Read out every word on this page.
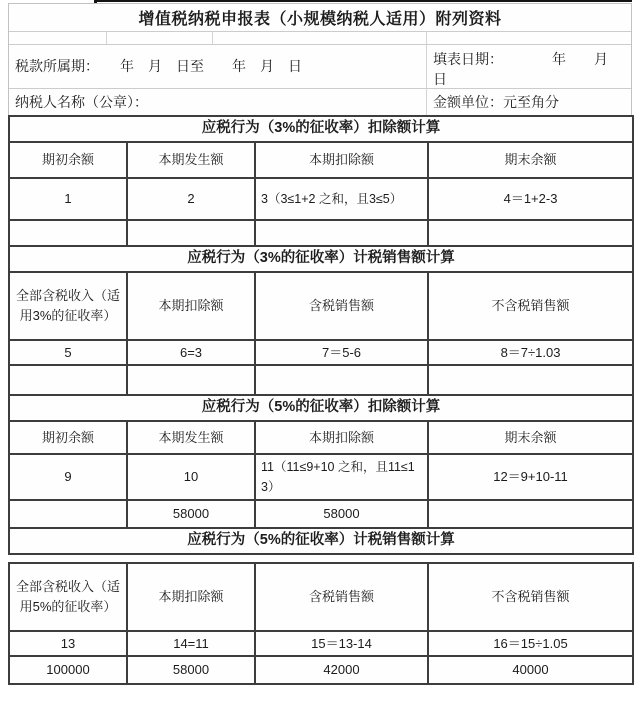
增值税纳税申报表（小规模纳税人适用）附列资料
税款所属期：　　年　月　日至　　年　月　日	填表日期：　　　　年　　月　日
纳税人名称（公章）：	金额单位：元至角分
应税行为（3%的征收率）扣除额计算			
期初余额	本期发生额	本期扣除额	期末余额
1	2	3（3≤1+2 之和，且3≤5）	4＝1+2-3

应税行为（3%的征收率）计税销售额计算			
全部含税收入（适用3%的征收率）	本期扣除额	含税销售额	不含税销售额
5	6=3	7＝5-6	8＝7÷1.03

应税行为（5%的征收率）扣除额计算			
期初余额	本期发生额	本期扣除额	期末余额
9	10	11（11≤9+10 之和，且11≤13）	12＝9+10-11
	58000	58000	
应税行为（5%的征收率）计税销售额计算			
全部含税收入（适用5%的征收率）	本期扣除额	含税销售额	不含税销售额
13	14=11	15＝13-14	16＝15÷1.05
100000	58000	42000	40000
